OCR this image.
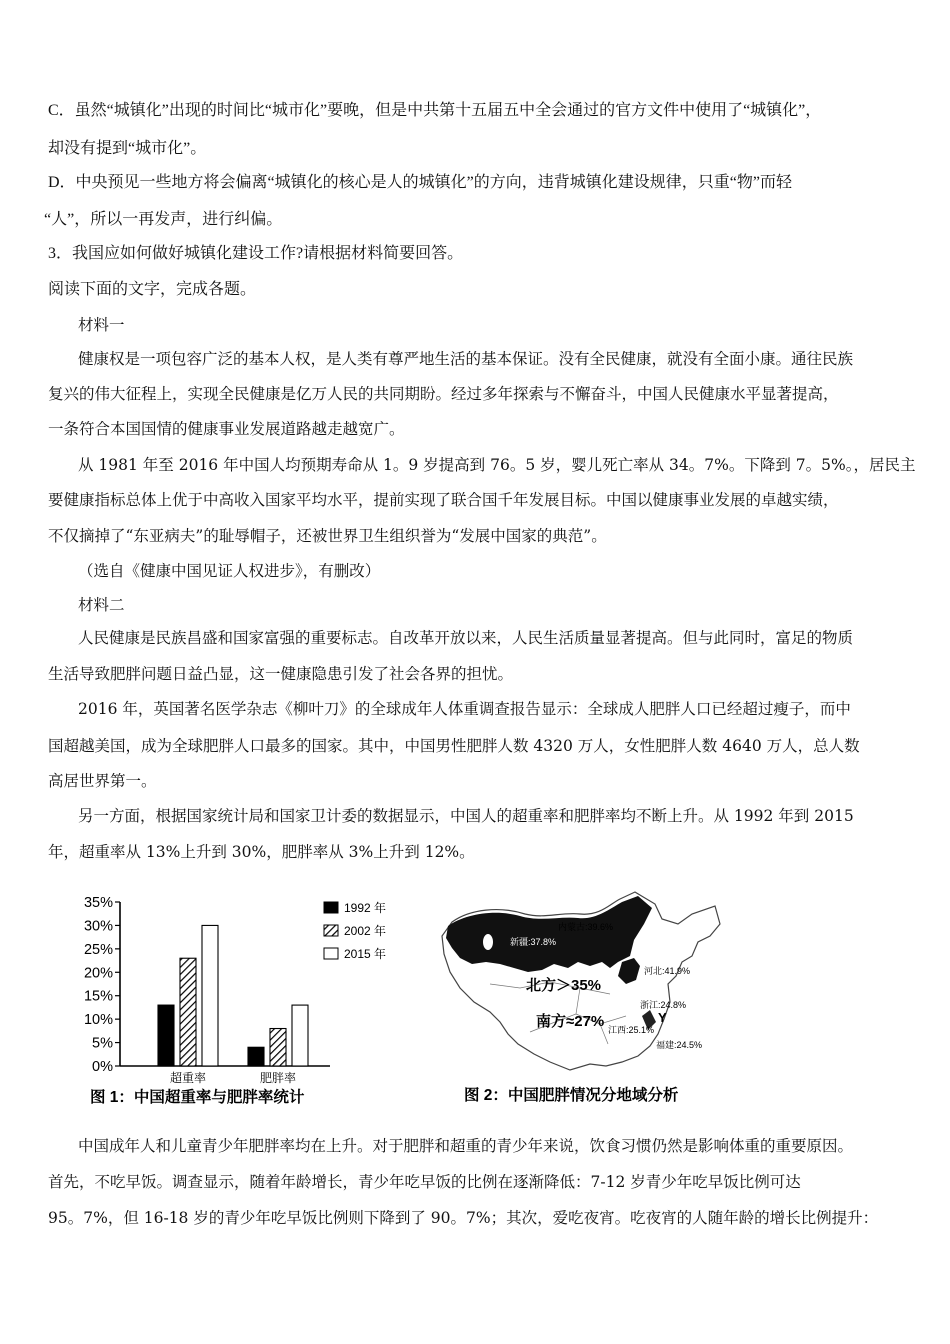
C．虽然“城镇化”出现的时间比“城市化”要晚，但是中共第十五届五中全会通过的官方文件中使用了“城镇化”，
却没有提到“城市化”。
D．中央预见一些地方将会偏离“城镇化的核心是人的城镇化”的方向，违背城镇化建设规律，只重“物”而轻
“人”，所以一再发声，进行纠偏。
3．我国应如何做好城镇化建设工作?请根据材料简要回答。
阅读下面的文字，完成各题。
材料一
健康权是一项包容广泛的基本人权，是人类有尊严地生活的基本保证。没有全民健康，就没有全面小康。通往民族
复兴的伟大征程上，实现全民健康是亿万人民的共同期盼。经过多年探索与不懈奋斗，中国人民健康水平显著提高，
一条符合本国国情的健康事业发展道路越走越宽广。
从 1981 年至 2016 年中国人均预期寿命从 1。9 岁提高到 76。5 岁，婴儿死亡率从 34。7%。下降到 7。5%。，居民主
要健康指标总体上优于中高收入国家平均水平，提前实现了联合国千年发展目标。中国以健康事业发展的卓越实绩，
不仅摘掉了“东亚病夫”的耻辱帽子，还被世界卫生组织誉为“发展中国家的典范”。
（选自《健康中国见证人权进步》，有删改）
材料二
人民健康是民族昌盛和国家富强的重要标志。自改革开放以来，人民生活质量显著提高。但与此同时，富足的物质
生活导致肥胖问题日益凸显，这一健康隐患引发了社会各界的担忧。
2016 年，英国著名医学杂志《柳叶刀》的全球成年人体重调查报告显示：全球成人肥胖人口已经超过瘦子，而中
国超越美国，成为全球肥胖人口最多的国家。其中，中国男性肥胖人数 4320 万人，女性肥胖人数 4640 万人，总人数
高居世界第一。
另一方面，根据国家统计局和国家卫计委的数据显示，中国人的超重率和肥胖率均不断上升。从 1992 年到 2015
年，超重率从 13%上升到 30%，肥胖率从 3%上升到 12%。
35%
30%
25%
20%
15%
10%
5%
0%
超重率	肥胖率
1992 年
2002 年
2015 年
图 1：中国超重率与肥胖率统计
Y
内蒙古:39.6%
新疆:37.8%
河北:41.9%
北方＞35%
浙江:24.8%
南方≈27% 江西:25.1%
福建:24.5%
图 2：中国肥胖情况分地域分析
中国成年人和儿童青少年肥胖率均在上升。对于肥胖和超重的青少年来说，饮食习惯仍然是影响体重的重要原因。
首先，不吃早饭。调查显示，随着年龄增长，青少年吃早饭的比例在逐渐降低：7-12 岁青少年吃早饭比例可达
95。7%，但 16-18 岁的青少年吃早饭比例则下降到了 90。7%；其次，爱吃夜宵。吃夜宵的人随年龄的增长比例提升：
